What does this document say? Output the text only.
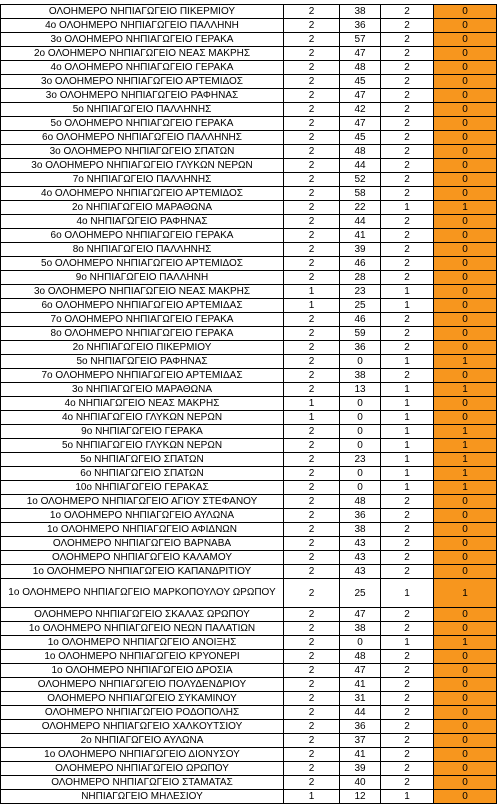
ΟΛΟΗΜΕΡΟ ΝΗΠΙΑΓΩΓΕΙΟ ΠΙΚΕΡΜΙΟΥ	2	38	2	0
4ο ΟΛΟΗΜΕΡΟ ΝΗΠΙΑΓΩΓΕΙΟ ΠΑΛΛΗΝΗ	2	36	2	0
3ο ΟΛΟΗΜΕΡΟ ΝΗΠΙΑΓΩΓΕΙΟ ΓΕΡΑΚΑ	2	57	2	0
2ο ΟΛΟΗΜΕΡΟ ΝΗΠΙΑΓΩΓΕΙΟ ΝΕΑΣ ΜΑΚΡΗΣ	2	47	2	0
4ο ΟΛΟΗΜΕΡΟ ΝΗΠΙΑΓΩΓΕΙΟ ΓΕΡΑΚΑ	2	48	2	0
3ο ΟΛΟΗΜΕΡΟ ΝΗΠΙΑΓΩΓΕΙΟ ΑΡΤΕΜΙΔΟΣ	2	45	2	0
3ο ΟΛΟΗΜΕΡΟ ΝΗΠΙΑΓΩΓΕΙΟ ΡΑΦΗΝΑΣ	2	47	2	0
5ο ΝΗΠΙΑΓΩΓΕΙΟ ΠΑΛΛΗΝΗΣ	2	42	2	0
5ο ΟΛΟΗΜΕΡΟ ΝΗΠΙΑΓΩΓΕΙΟ ΓΕΡΑΚΑ	2	47	2	0
6ο ΟΛΟΗΜΕΡΟ ΝΗΠΙΑΓΩΓΕΙΟ ΠΑΛΛΗΝΗΣ	2	45	2	0
3ο ΟΛΟΗΜΕΡΟ ΝΗΠΙΑΓΩΓΕΙΟ ΣΠΑΤΩΝ	2	48	2	0
3ο ΟΛΟΗΜΕΡΟ ΝΗΠΙΑΓΩΓΕΙΟ ΓΛΥΚΩΝ ΝΕΡΩΝ	2	44	2	0
7ο ΝΗΠΙΑΓΩΓΕΙΟ ΠΑΛΛΗΝΗΣ	2	52	2	0
4ο ΟΛΟΗΜΕΡΟ ΝΗΠΙΑΓΩΓΕΙΟ ΑΡΤΕΜΙΔΟΣ	2	58	2	0
2ο ΝΗΠΙΑΓΩΓΕΙΟ ΜΑΡΑΘΩΝΑ	2	22	1	1
4ο ΝΗΠΙΑΓΩΓΕΙΟ ΡΑΦΗΝΑΣ	2	44	2	0
6ο ΟΛΟΗΜΕΡΟ ΝΗΠΙΑΓΩΓΕΙΟ ΓΕΡΑΚΑ	2	41	2	0
8ο ΝΗΠΙΑΓΩΓΕΙΟ ΠΑΛΛΗΝΗΣ	2	39	2	0
5ο ΟΛΟΗΜΕΡΟ ΝΗΠΙΑΓΩΓΕΙΟ ΑΡΤΕΜΙΔΟΣ	2	46	2	0
9ο ΝΗΠΙΑΓΩΓΕΙΟ ΠΑΛΛΗΝΗ	2	28	2	0
3ο ΟΛΟΗΜΕΡΟ ΝΗΠΙΑΓΩΓΕΙΟ ΝΕΑΣ ΜΑΚΡΗΣ	1	23	1	0
6ο ΟΛΟΗΜΕΡΟ ΝΗΠΙΑΓΩΓΕΙΟ ΑΡΤΕΜΙΔΑΣ	1	25	1	0
7ο ΟΛΟΗΜΕΡΟ ΝΗΠΙΑΓΩΓΕΙΟ ΓΕΡΑΚΑ	2	46	2	0
8ο ΟΛΟΗΜΕΡΟ ΝΗΠΙΑΓΩΓΕΙΟ ΓΕΡΑΚΑ	2	59	2	0
2ο ΝΗΠΙΑΓΩΓΕΙΟ ΠΙΚΕΡΜΙΟΥ	2	36	2	0
5ο ΝΗΠΙΑΓΩΓΕΙΟ ΡΑΦΗΝΑΣ	2	0	1	1
7ο ΟΛΟΗΜΕΡΟ ΝΗΠΙΑΓΩΓΕΙΟ ΑΡΤΕΜΙΔΑΣ	2	38	2	0
3ο ΝΗΠΙΑΓΩΓΕΙΟ ΜΑΡΑΘΩΝΑ	2	13	1	1
4ο ΝΗΠΙΑΓΩΓΕΙΟ ΝΕΑΣ ΜΑΚΡΗΣ	1	0	1	0
4ο ΝΗΠΙΑΓΩΓΕΙΟ ΓΛΥΚΩΝ ΝΕΡΩΝ	1	0	1	0
9ο ΝΗΠΙΑΓΩΓΕΙΟ ΓΕΡΑΚΑ	2	0	1	1
5ο ΝΗΠΙΑΓΩΓΕΙΟ ΓΛΥΚΩΝ ΝΕΡΩΝ	2	0	1	1
5ο ΝΗΠΙΑΓΩΓΕΙΟ ΣΠΑΤΩΝ	2	23	1	1
6ο ΝΗΠΙΑΓΩΓΕΙΟ ΣΠΑΤΩΝ	2	0	1	1
10ο ΝΗΠΙΑΓΩΓΕΙΟ ΓΕΡΑΚΑΣ	2	0	1	1
1ο ΟΛΟΗΜΕΡΟ ΝΗΠΙΑΓΩΓΕΙΟ ΑΓΙΟΥ ΣΤΕΦΑΝΟΥ	2	48	2	0
1ο ΟΛΟΗΜΕΡΟ ΝΗΠΙΑΓΩΓΕΙΟ ΑΥΛΩΝΑ	2	36	2	0
1ο ΟΛΟΗΜΕΡΟ ΝΗΠΙΑΓΩΓΕΙΟ ΑΦΙΔΝΩΝ	2	38	2	0
ΟΛΟΗΜΕΡΟ ΝΗΠΙΑΓΩΓΕΙΟ ΒΑΡΝΑΒΑ	2	43	2	0
ΟΛΟΗΜΕΡΟ ΝΗΠΙΑΓΩΓΕΙΟ ΚΑΛΑΜΟΥ	2	43	2	0
1ο ΟΛΟΗΜΕΡΟ ΝΗΠΙΑΓΩΓΕΙΟ ΚΑΠΑΝΔΡΙΤΙΟΥ	2	43	2	0
1ο ΟΛΟΗΜΕΡΟ ΝΗΠΙΑΓΩΓΕΙΟ ΜΑΡΚΟΠΟΥΛΟΥ ΩΡΩΠΟΥ	2	25	1	1
ΟΛΟΗΜΕΡΟ ΝΗΠΙΑΓΩΓΕΙΟ ΣΚΑΛΑΣ ΩΡΩΠΟΥ	2	47	2	0
1ο ΟΛΟΗΜΕΡΟ ΝΗΠΙΑΓΩΓΕΙΟ ΝΕΩΝ ΠΑΛΑΤΙΩΝ	2	38	2	0
1ο ΟΛΟΗΜΕΡΟ ΝΗΠΙΑΓΩΓΕΙΟ ΑΝΟΙΞΗΣ	2	0	1	1
1ο ΟΛΟΗΜΕΡΟ ΝΗΠΙΑΓΩΓΕΙΟ ΚΡΥΟΝΕΡΙ	2	48	2	0
1ο ΟΛΟΗΜΕΡΟ ΝΗΠΙΑΓΩΓΕΙΟ ΔΡΟΣΙΑ	2	47	2	0
ΟΛΟΗΜΕΡΟ ΝΗΠΙΑΓΩΓΕΙΟ ΠΟΛΥΔΕΝΔΡΙΟΥ	2	41	2	0
ΟΛΟΗΜΕΡΟ ΝΗΠΙΑΓΩΓΕΙΟ ΣΥΚΑΜΙΝΟΥ	2	31	2	0
ΟΛΟΗΜΕΡΟ ΝΗΠΙΑΓΩΓΕΙΟ ΡΟΔΟΠΟΛΗΣ	2	44	2	0
ΟΛΟΗΜΕΡΟ ΝΗΠΙΑΓΩΓΕΙΟ ΧΑΛΚΟΥΤΣΙΟΥ	2	36	2	0
2ο ΝΗΠΙΑΓΩΓΕΙΟ ΑΥΛΩΝΑ	2	37	2	0
1ο ΟΛΟΗΜΕΡΟ ΝΗΠΙΑΓΩΓΕΙΟ ΔΙΟΝΥΣΟΥ	2	41	2	0
ΟΛΟΗΜΕΡΟ ΝΗΠΙΑΓΩΓΕΙΟ ΩΡΩΠΟΥ	2	39	2	0
ΟΛΟΗΜΕΡΟ ΝΗΠΙΑΓΩΓΕΙΟ ΣΤΑΜΑΤΑΣ	2	40	2	0
ΝΗΠΙΑΓΩΓΕΙΟ ΜΗΛΕΣΙΟΥ	1	12	1	0
